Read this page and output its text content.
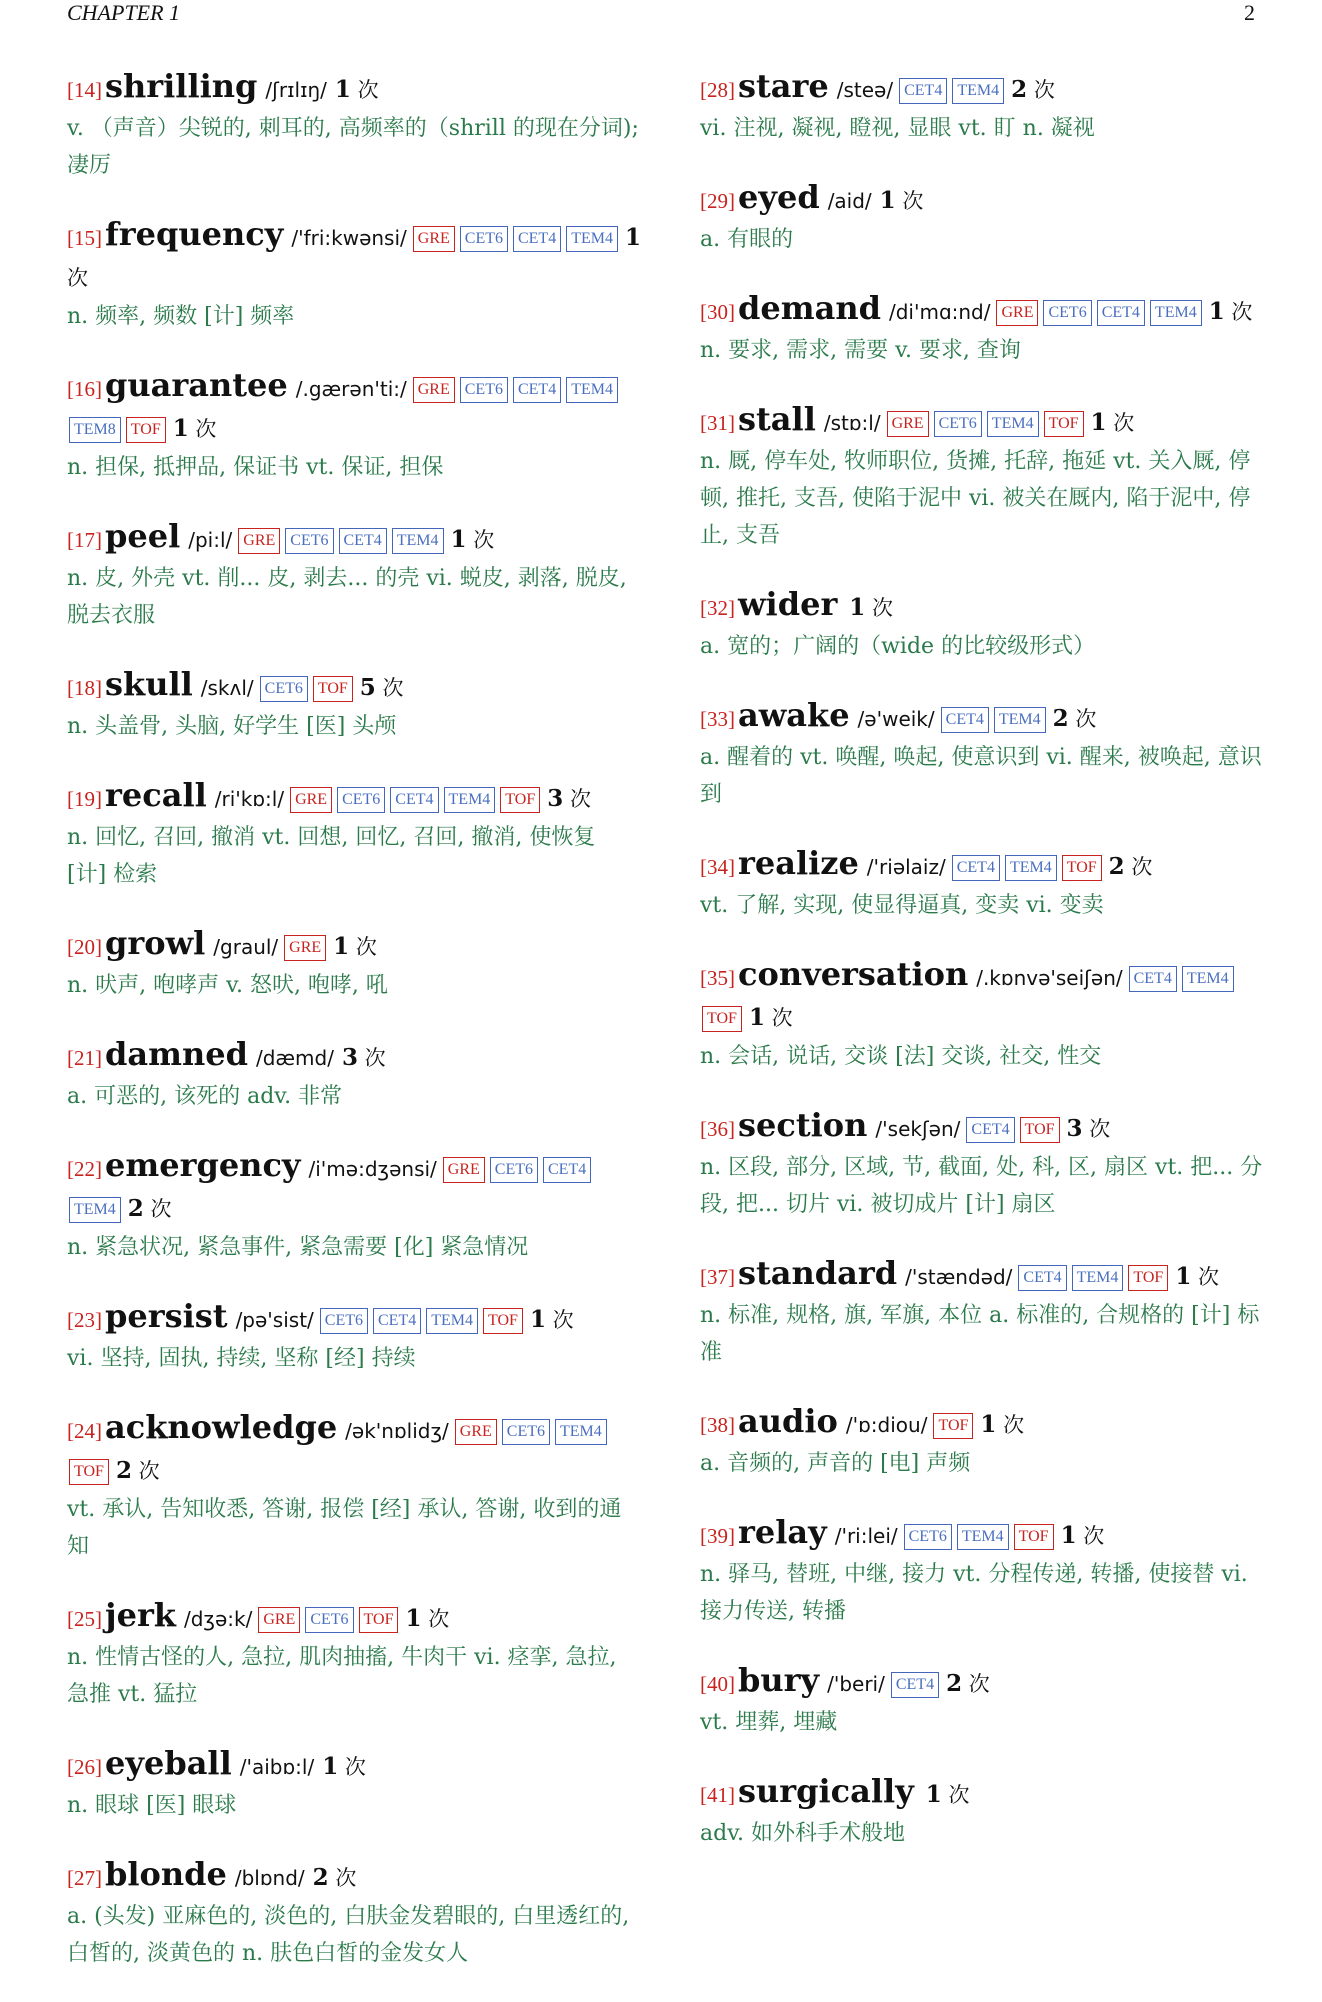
CHAPTER 1	2
[14]shrilling /ʃrɪlɪŋ/ 1 次
v. （声音）尖锐的, 刺耳的, 高频率的（shrill 的现在分词); 凄厉
[15]frequency /'fri:kwənsi/ GRE CET6 CET4 TEM4 1 次
n. 频率, 频数 [计] 频率
[16]guarantee /.gærən'ti:/ GRE CET6 CET4 TEM4TEM8 TOF 1 次
n. 担保, 抵押品, 保证书 vt. 保证, 担保
[17]peel /pi:l/ GRE CET6 CET4 TEM4 1 次
n. 皮, 外壳 vt. 削... 皮, 剥去... 的壳 vi. 蜕皮, 剥落, 脱皮, 脱去衣服
[18]skull /skʌl/ CET6 TOF 5 次
n. 头盖骨, 头脑, 好学生 [医] 头颅
[19]recall /ri'kɒ:l/ GRE CET6 CET4 TEM4 TOF 3 次
n. 回忆, 召回, 撤消 vt. 回想, 回忆, 召回, 撤消, 使恢复 [计] 检索
[20]growl /graul/ GRE 1 次
n. 吠声, 咆哮声 v. 怒吠, 咆哮, 吼
[21]damned /dæmd/ 3 次
a. 可恶的, 该死的 adv. 非常
[22]emergency /i'mə:dʒənsi/ GRE CET6 CET4TEM4 2 次
n. 紧急状况, 紧急事件, 紧急需要 [化] 紧急情况
[23]persist /pə'sist/ CET6 CET4 TEM4 TOF 1 次
vi. 坚持, 固执, 持续, 坚称 [经] 持续
[24]acknowledge /ək'nɒlidʒ/ GRE CET6 TEM4TOF 2 次
vt. 承认, 告知收悉, 答谢, 报偿 [经] 承认, 答谢, 收到的通知
[25]jerk /dʒə:k/ GRE CET6 TOF 1 次
n. 性情古怪的人, 急拉, 肌肉抽搐, 牛肉干 vi. 痉挛, 急拉, 急推 vt. 猛拉
[26]eyeball /'aibɒ:l/ 1 次
n. 眼球 [医] 眼球
[27]blonde /blɒnd/ 2 次
a. (头发) 亚麻色的, 淡色的, 白肤金发碧眼的, 白里透红的, 白皙的, 淡黄色的 n. 肤色白皙的金发女人
[28]stare /steə/ CET4 TEM4 2 次
vi. 注视, 凝视, 瞪视, 显眼 vt. 盯 n. 凝视
[29]eyed /aid/ 1 次
a. 有眼的
[30]demand /di'mɑ:nd/ GRE CET6 CET4 TEM4 1 次
n. 要求, 需求, 需要 v. 要求, 查询
[31]stall /stɒ:l/ GRE CET6 TEM4 TOF 1 次
n. 厩, 停车处, 牧师职位, 货摊, 托辞, 拖延 vt. 关入厩, 停顿, 推托, 支吾, 使陷于泥中 vi. 被关在厩内, 陷于泥中, 停止, 支吾
[32]wider 1 次
a. 宽的；广阔的（wide 的比较级形式）
[33]awake /ə'weik/ CET4 TEM4 2 次
a. 醒着的 vt. 唤醒, 唤起, 使意识到 vi. 醒来, 被唤起, 意识到
[34]realize /'riəlaiz/ CET4 TEM4 TOF 2 次
vt. 了解, 实现, 使显得逼真, 变卖 vi. 变卖
[35]conversation /.kɒnvə'seiʃən/ CET4 TEM4TOF 1 次
n. 会话, 说话, 交谈 [法] 交谈, 社交, 性交
[36]section /'sekʃən/ CET4 TOF 3 次
n. 区段, 部分, 区域, 节, 截面, 处, 科, 区, 扇区 vt. 把... 分段, 把... 切片 vi. 被切成片 [计] 扇区
[37]standard /'stændəd/ CET4 TEM4 TOF 1 次
n. 标准, 规格, 旗, 军旗, 本位 a. 标准的, 合规格的 [计] 标准
[38]audio /'ɒ:diou/ TOF 1 次
a. 音频的, 声音的 [电] 声频
[39]relay /'ri:lei/ CET6 TEM4 TOF 1 次
n. 驿马, 替班, 中继, 接力 vt. 分程传递, 转播, 使接替 vi. 接力传送, 转播
[40]bury /'beri/ CET4 2 次
vt. 埋葬, 埋藏
[41]surgically 1 次
adv. 如外科手术般地
